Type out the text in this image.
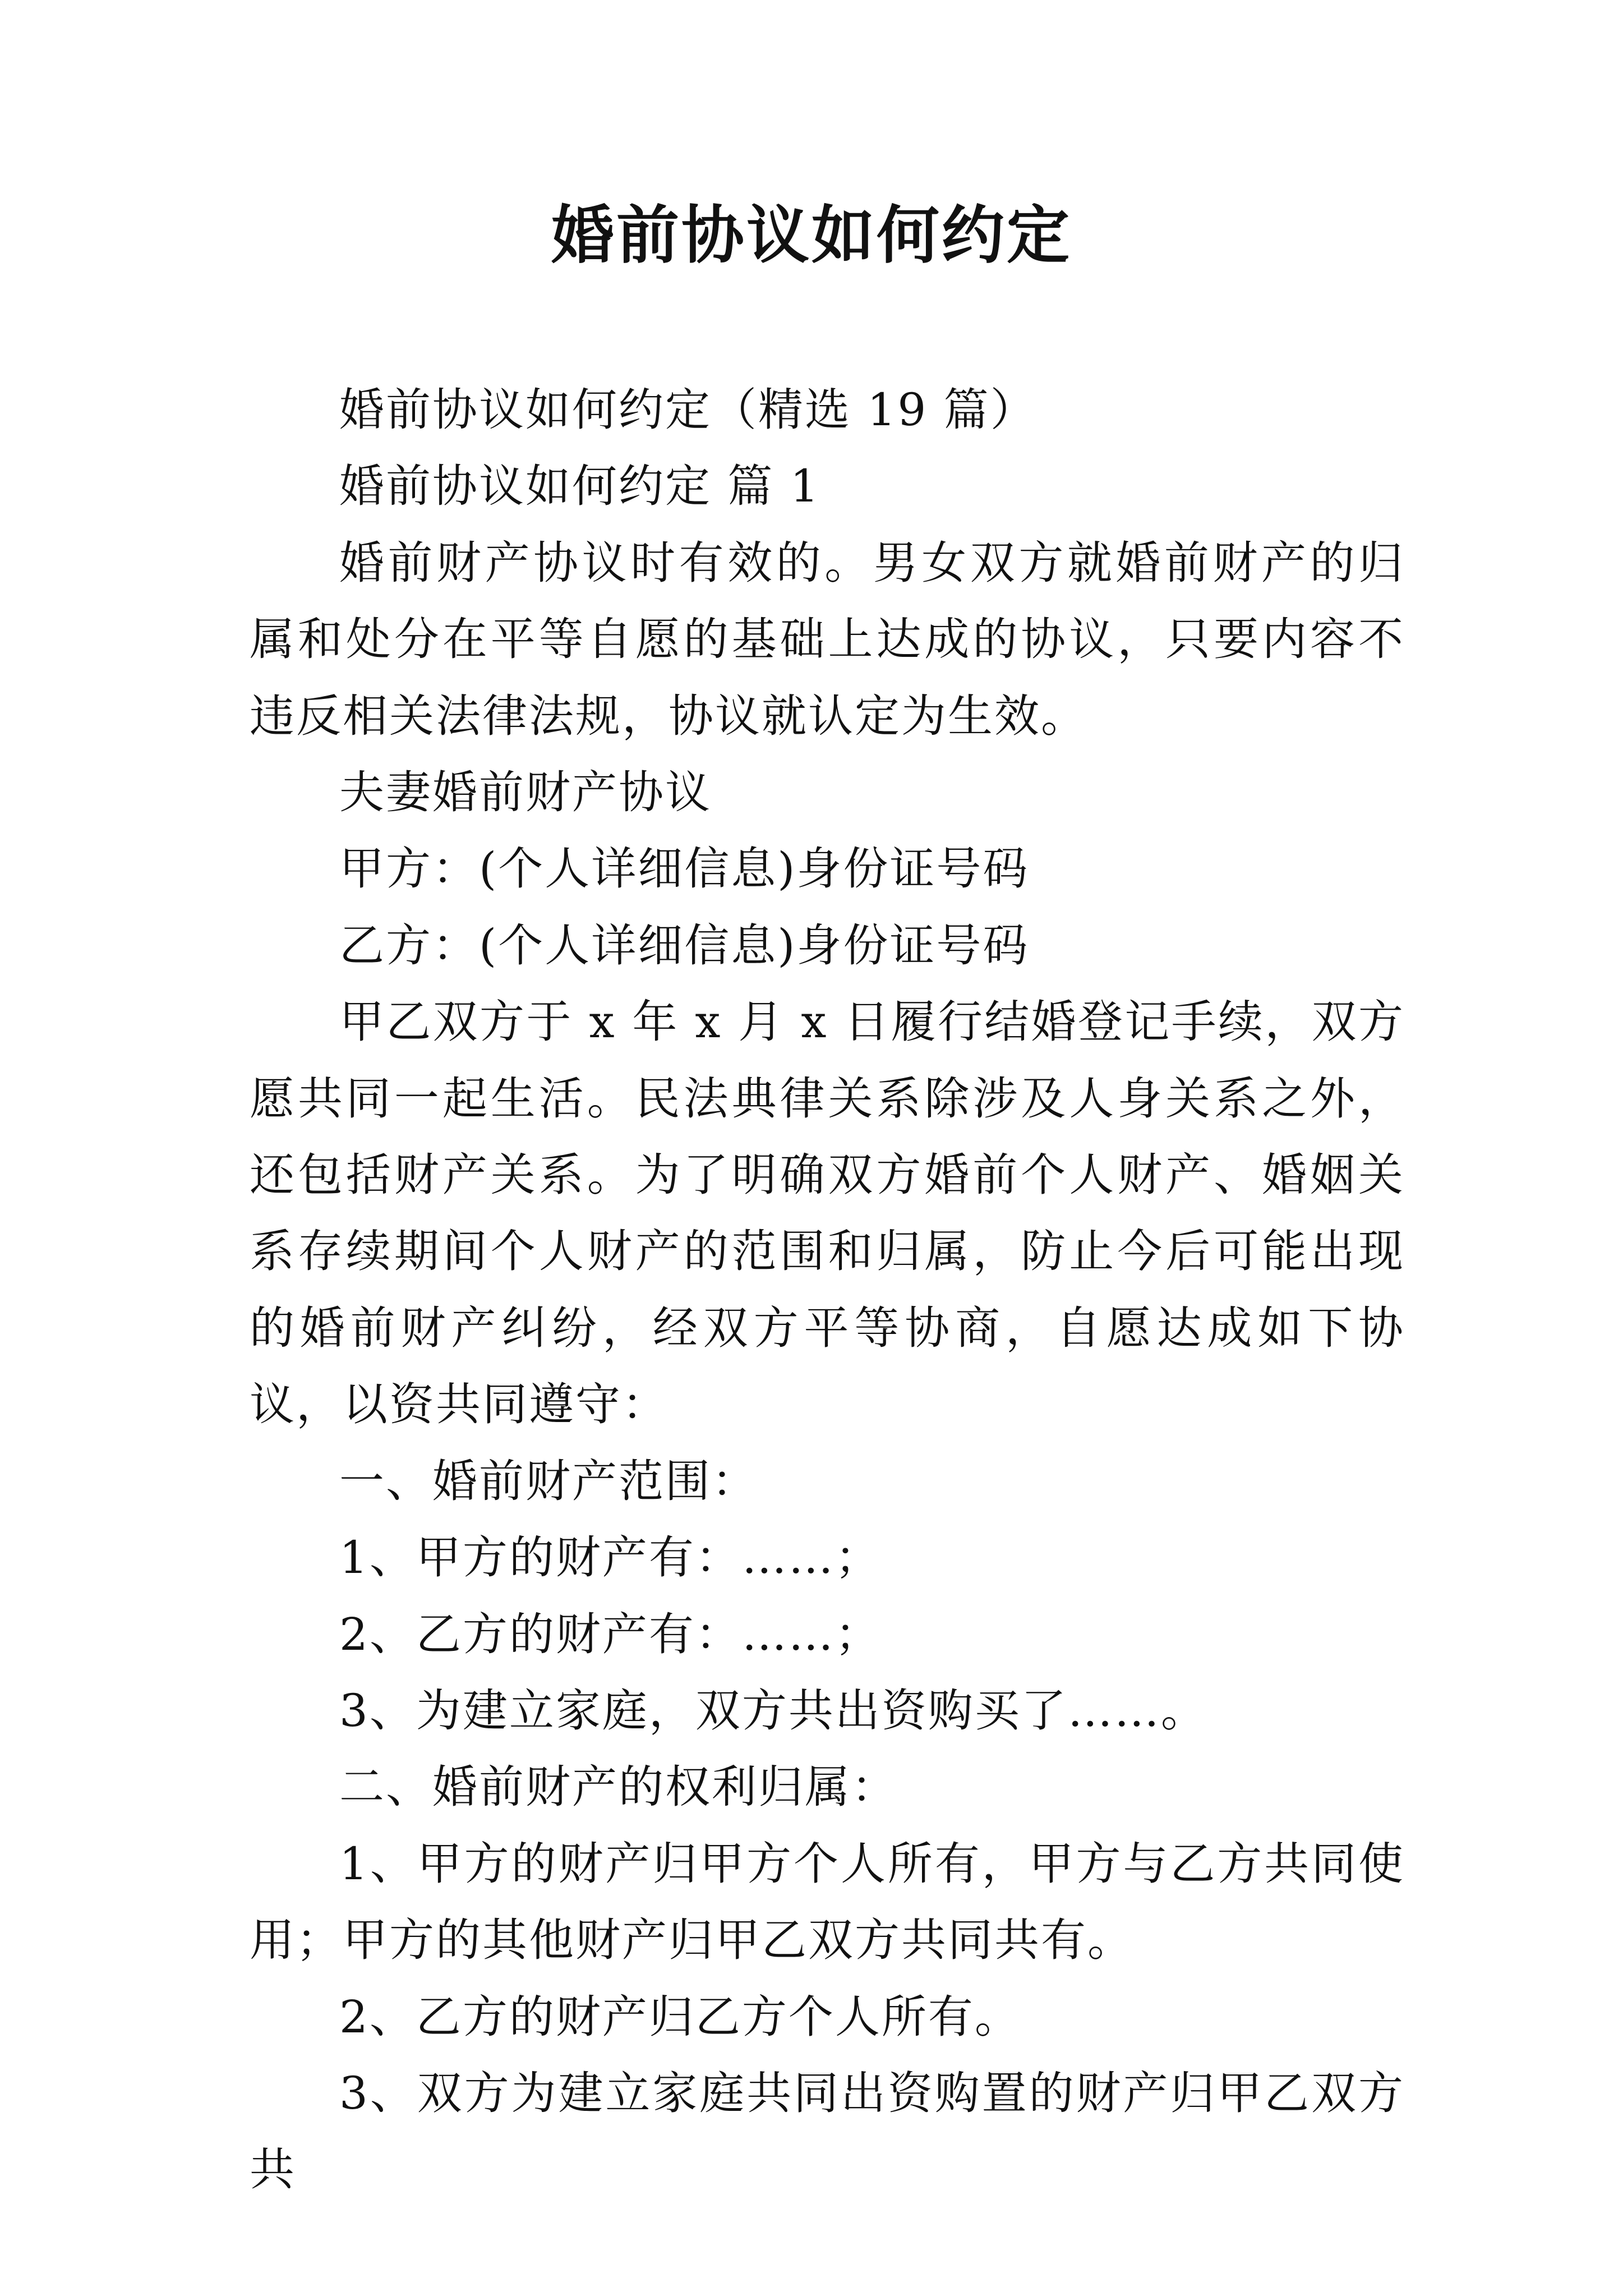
婚前协议如何约定

婚前协议如何约定（精选 19 篇）

婚前协议如何约定 篇 1

婚前财产协议时有效的。男女双方就婚前财产的归属和处分在平等自愿的基础上达成的协议，只要内容不违反相关法律法规，协议就认定为生效。

夫妻婚前财产协议

甲方：(个人详细信息)身份证号码

乙方：(个人详细信息)身份证号码

甲乙双方于 x 年 x 月 x 日履行结婚登记手续，双方愿共同一起生活。民法典律关系除涉及人身关系之外，还包括财产关系。为了明确双方婚前个人财产、婚姻关系存续期间个人财产的范围和归属，防止今后可能出现的婚前财产纠纷，经双方平等协商，自愿达成如下协议，以资共同遵守：

一、婚前财产范围：

1、甲方的财产有：……；

2、乙方的财产有：……；

3、为建立家庭，双方共出资购买了……。

二、婚前财产的权利归属：

1、甲方的财产归甲方个人所有，甲方与乙方共同使用；甲方的其他财产归甲乙双方共同共有。

2、乙方的财产归乙方个人所有。

3、双方为建立家庭共同出资购置的财产归甲乙双方共
